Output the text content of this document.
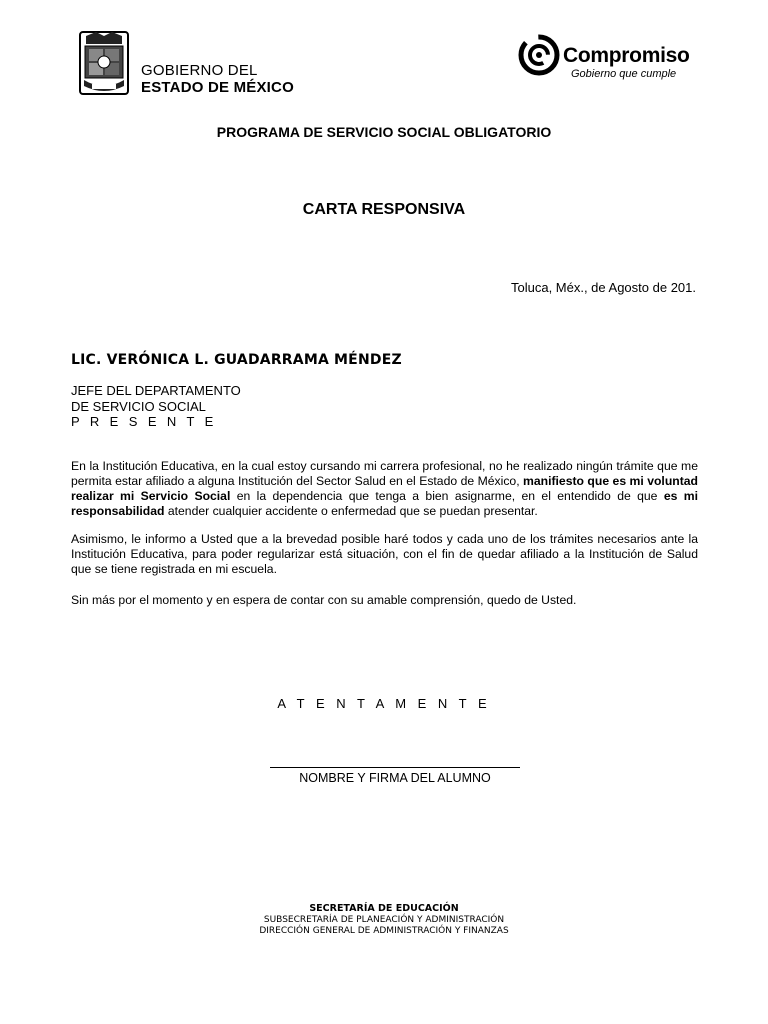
GOBIERNO DEL
ESTADO DE MÉXICO
Compromiso
Gobierno que cumple
PROGRAMA DE SERVICIO SOCIAL OBLIGATORIO
CARTA RESPONSIVA
Toluca, Méx., de Agosto de 201.
LIC. VERÓNICA L. GUADARRAMA MÉNDEZ
JEFE DEL DEPARTAMENTO
DE SERVICIO SOCIAL
P R E S E N T E
En la Institución Educativa, en la cual estoy cursando mi carrera profesional, no he realizado ningún trámite que me permita estar afiliado a alguna Institución del Sector Salud en el Estado de México, manifiesto que es mi voluntad realizar mi Servicio Social en la dependencia que tenga a bien asignarme, en el entendido de que es mi responsabilidad atender cualquier accidente o enfermedad que se puedan presentar.
Asimismo, le informo a Usted que a la brevedad posible haré todos y cada uno de los trámites necesarios ante la Institución Educativa, para poder regularizar está situación, con el fin de quedar afiliado a la Institución de Salud que se tiene registrada en mi escuela.
Sin más por el momento y en espera de contar con su amable comprensión, quedo de Usted.
A T E N T A M E N T E
NOMBRE Y FIRMA DEL ALUMNO
SECRETARÍA DE EDUCACIÓN
SUBSECRETARÍA DE PLANEACIÓN Y ADMINISTRACIÓN
DIRECCIÓN GENERAL DE ADMINISTRACIÓN Y FINANZAS
